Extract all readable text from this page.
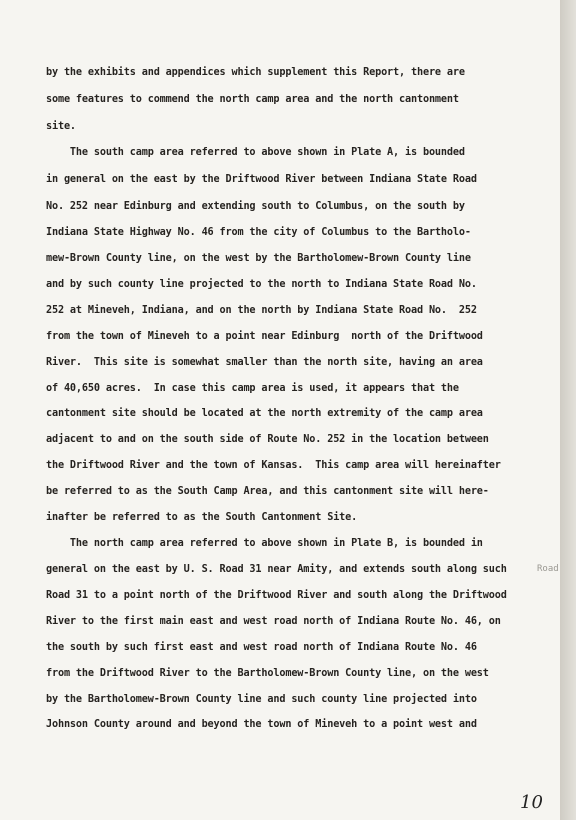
by the exhibits and appendices which supplement this Report, there are
some features to commend the north camp area and the north cantonment
site.
The south camp area referred to above shown in Plate A, is bounded
in general on the east by the Driftwood River between Indiana State Road
No. 252 near Edinburg and extending south to Columbus, on the south by
Indiana State Highway No. 46 from the city of Columbus to the Bartholo-
mew-Brown County line, on the west by the Bartholomew-Brown County line
and by such county line projected to the north to Indiana State Road No.
252 at Mineveh, Indiana, and on the north by Indiana State Road No.  252
from the town of Mineveh to a point near Edinburg  north of the Driftwood
River.  This site is somewhat smaller than the north site, having an area
of 40,650 acres.  In case this camp area is used, it appears that the
cantonment site should be located at the north extremity of the camp area
adjacent to and on the south side of Route No. 252 in the location between
the Driftwood River and the town of Kansas.  This camp area will hereinafter
be referred to as the South Camp Area, and this cantonment site will here-
inafter be referred to as the South Cantonment Site.
The north camp area referred to above shown in Plate B, is bounded in
general on the east by U. S. Road 31 near Amity, and extends south along such
Road 31 to a point north of the Driftwood River and south along the Driftwood
River to the first main east and west road north of Indiana Route No. 46, on
the south by such first east and west road north of Indiana Route No. 46
from the Driftwood River to the Bartholomew-Brown County line, on the west
by the Bartholomew-Brown County line and such county line projected into
Johnson County around and beyond the town of Mineveh to a point west and
10
Road
